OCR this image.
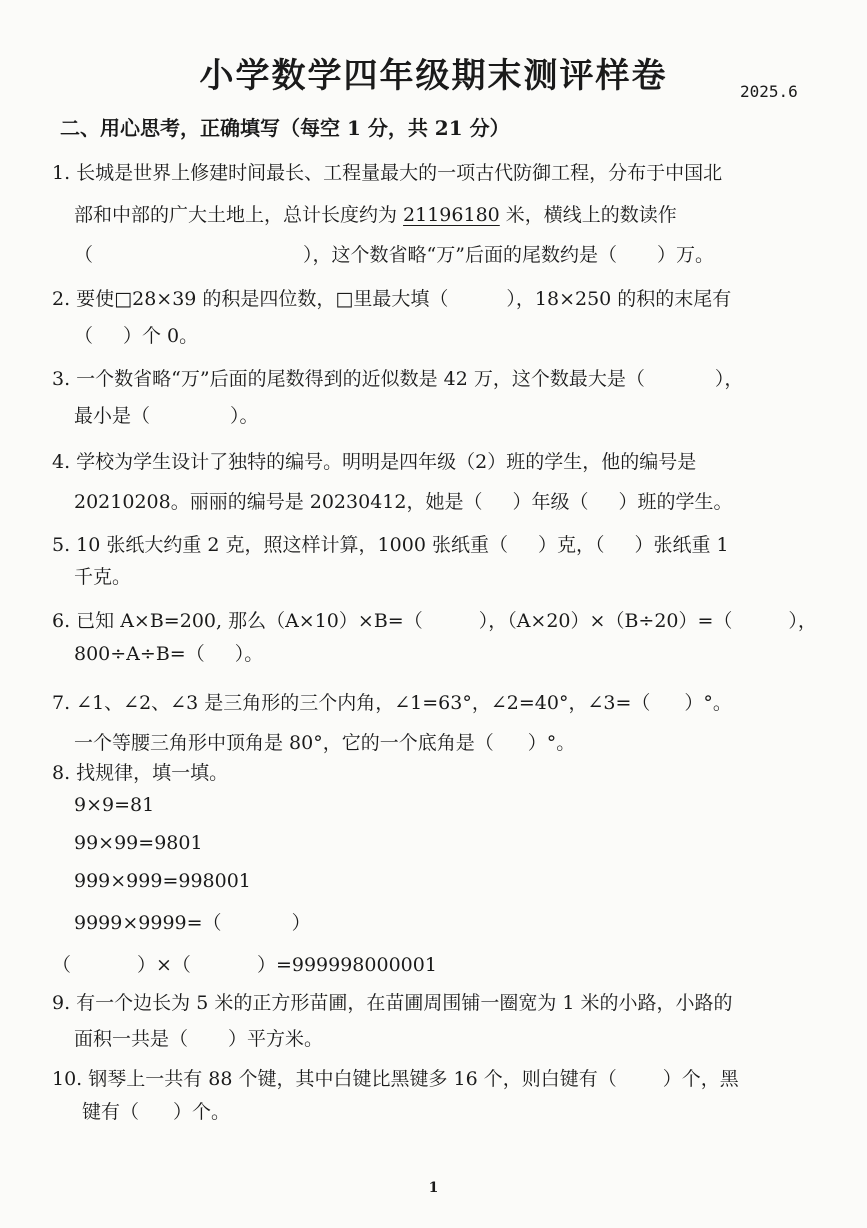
小学数学四年级期末测评样卷	2025.6
二、用心思考，正确填写（每空 1 分，共 21 分）
1. 长城是世界上修建时间最长、工程量最大的一项古代防御工程，分布于中国北
部和中部的广大土地上，总计长度约为 21196180 米，横线上的数读作
（	），这个数省略“万”后面的尾数约是（ ）万。
2. 要使□28×39 的积是四位数，□里最大填（	），18×250 的积的末尾有
（ ）个 0。
3. 一个数省略“万”后面的尾数得到的近似数是 42 万，这个数最大是（	），
最小是（	）。
4. 学校为学生设计了独特的编号。明明是四年级（2）班的学生，他的编号是
20210208。丽丽的编号是 20230412，她是（ ）年级（ ）班的学生。
5. 10 张纸大约重 2 克，照这样计算，1000 张纸重（ ）克，（ ）张纸重 1
千克。
6. 已知 A×B=200, 那么（A×10）×B=（	），（A×20）×（B÷20）=（	），
800÷A÷B=（ ）。
7. ∠1、∠2、∠3 是三角形的三个内角，∠1=63°，∠2=40°，∠3=（ ）°。
一个等腰三角形中顶角是 80°，它的一个底角是（ ）°。
8. 找规律，填一填。
9×9=81
99×99=9801
999×999=998001
9999×9999=（	）
（	）×（	）=999998000001
9. 有一个边长为 5 米的正方形苗圃，在苗圃周围铺一圈宽为 1 米的小路，小路的
面积一共是（ ）平方米。
10. 钢琴上一共有 88 个键，其中白键比黑键多 16 个，则白键有（ ）个，黑
键有（ ）个。
1
